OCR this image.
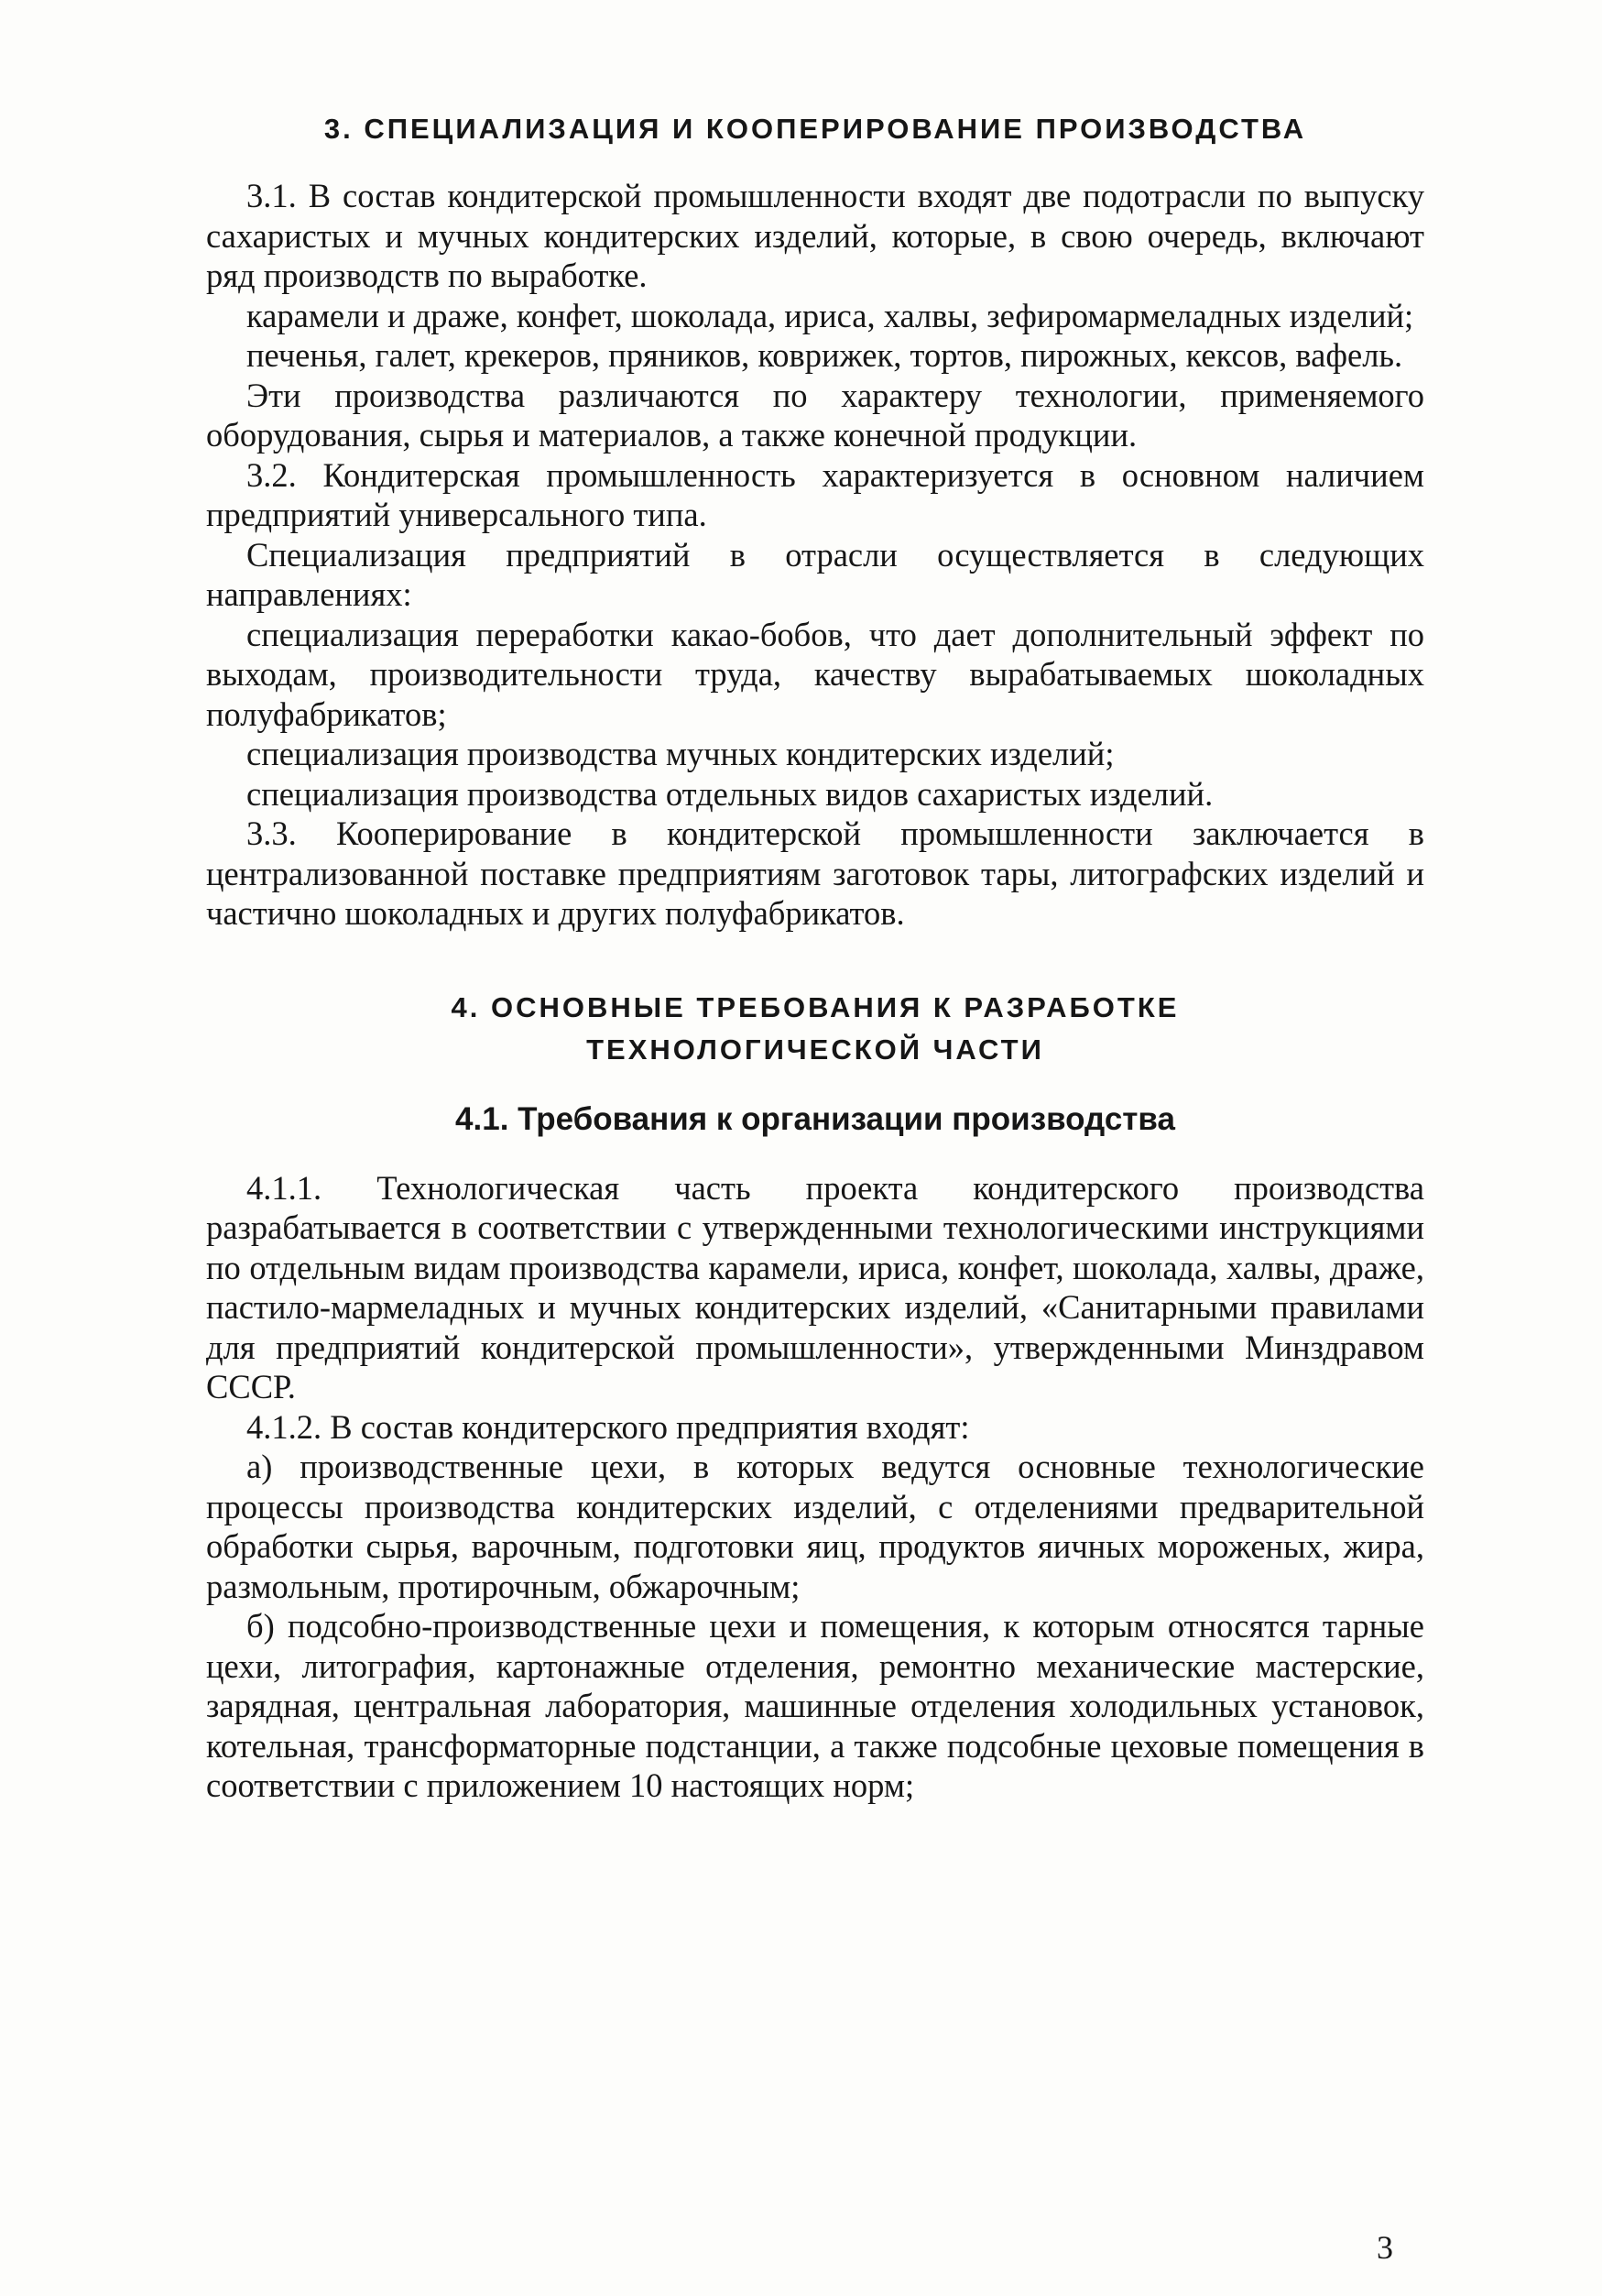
3. СПЕЦИАЛИЗАЦИЯ И КООПЕРИРОВАНИЕ ПРОИЗВОДСТВА

3.1. В состав кондитерской промышленности входят две подотрасли по выпуску сахаристых и мучных кондитерских изделий, которые, в свою очередь, включают ряд производств по выработке.

карамели и драже, конфет, шоколада, ириса, халвы, зефиромармеладных изделий;

печенья, галет, крекеров, пряников, коврижек, тортов, пирожных, кексов, вафель.

Эти производства различаются по характеру технологии, применяемого оборудования, сырья и материалов, а также конечной продукции.

3.2. Кондитерская промышленность характеризуется в основном наличием предприятий универсального типа.

Специализация предприятий в отрасли осуществляется в следующих направлениях:

специализация переработки какао-бобов, что дает дополнительный эффект по выходам, производительности труда, качеству вырабатываемых шоколадных полуфабрикатов;

специализация производства мучных кондитерских изделий;

специализация производства отдельных видов сахаристых изделий.

3.3. Кооперирование в кондитерской промышленности заключается в централизованной поставке предприятиям заготовок тары, литографских изделий и частично шоколадных и других полуфабрикатов.

4. ОСНОВНЫЕ ТРЕБОВАНИЯ К РАЗРАБОТКЕ
ТЕХНОЛОГИЧЕСКОЙ ЧАСТИ
4.1. Требования к организации производства

4.1.1. Технологическая часть проекта кондитерского производства разрабатывается в соответствии с утвержденными технологическими инструкциями по отдельным видам производства карамели, ириса, конфет, шоколада, халвы, драже, пастило-мармеладных и мучных кондитерских изделий, «Санитарными правилами для предприятий кондитерской промышленности», утвержденными Минздравом СССР.

4.1.2. В состав кондитерского предприятия входят:

а) производственные цехи, в которых ведутся основные технологические процессы производства кондитерских изделий, с отделениями предварительной обработки сырья, варочным, подготовки яиц, продуктов яичных мороженых, жира, размольным, протирочным, обжарочным;

б) подсобно-производственные цехи и помещения, к которым относятся тарные цехи, литография, картонажные отделения, ремонтно механические мастерские, зарядная, центральная лаборатория, машинные отделения холодильных установок, котельная, трансформаторные подстанции, а также подсобные цеховые помещения в соответствии с приложением 10 настоящих норм;

3
